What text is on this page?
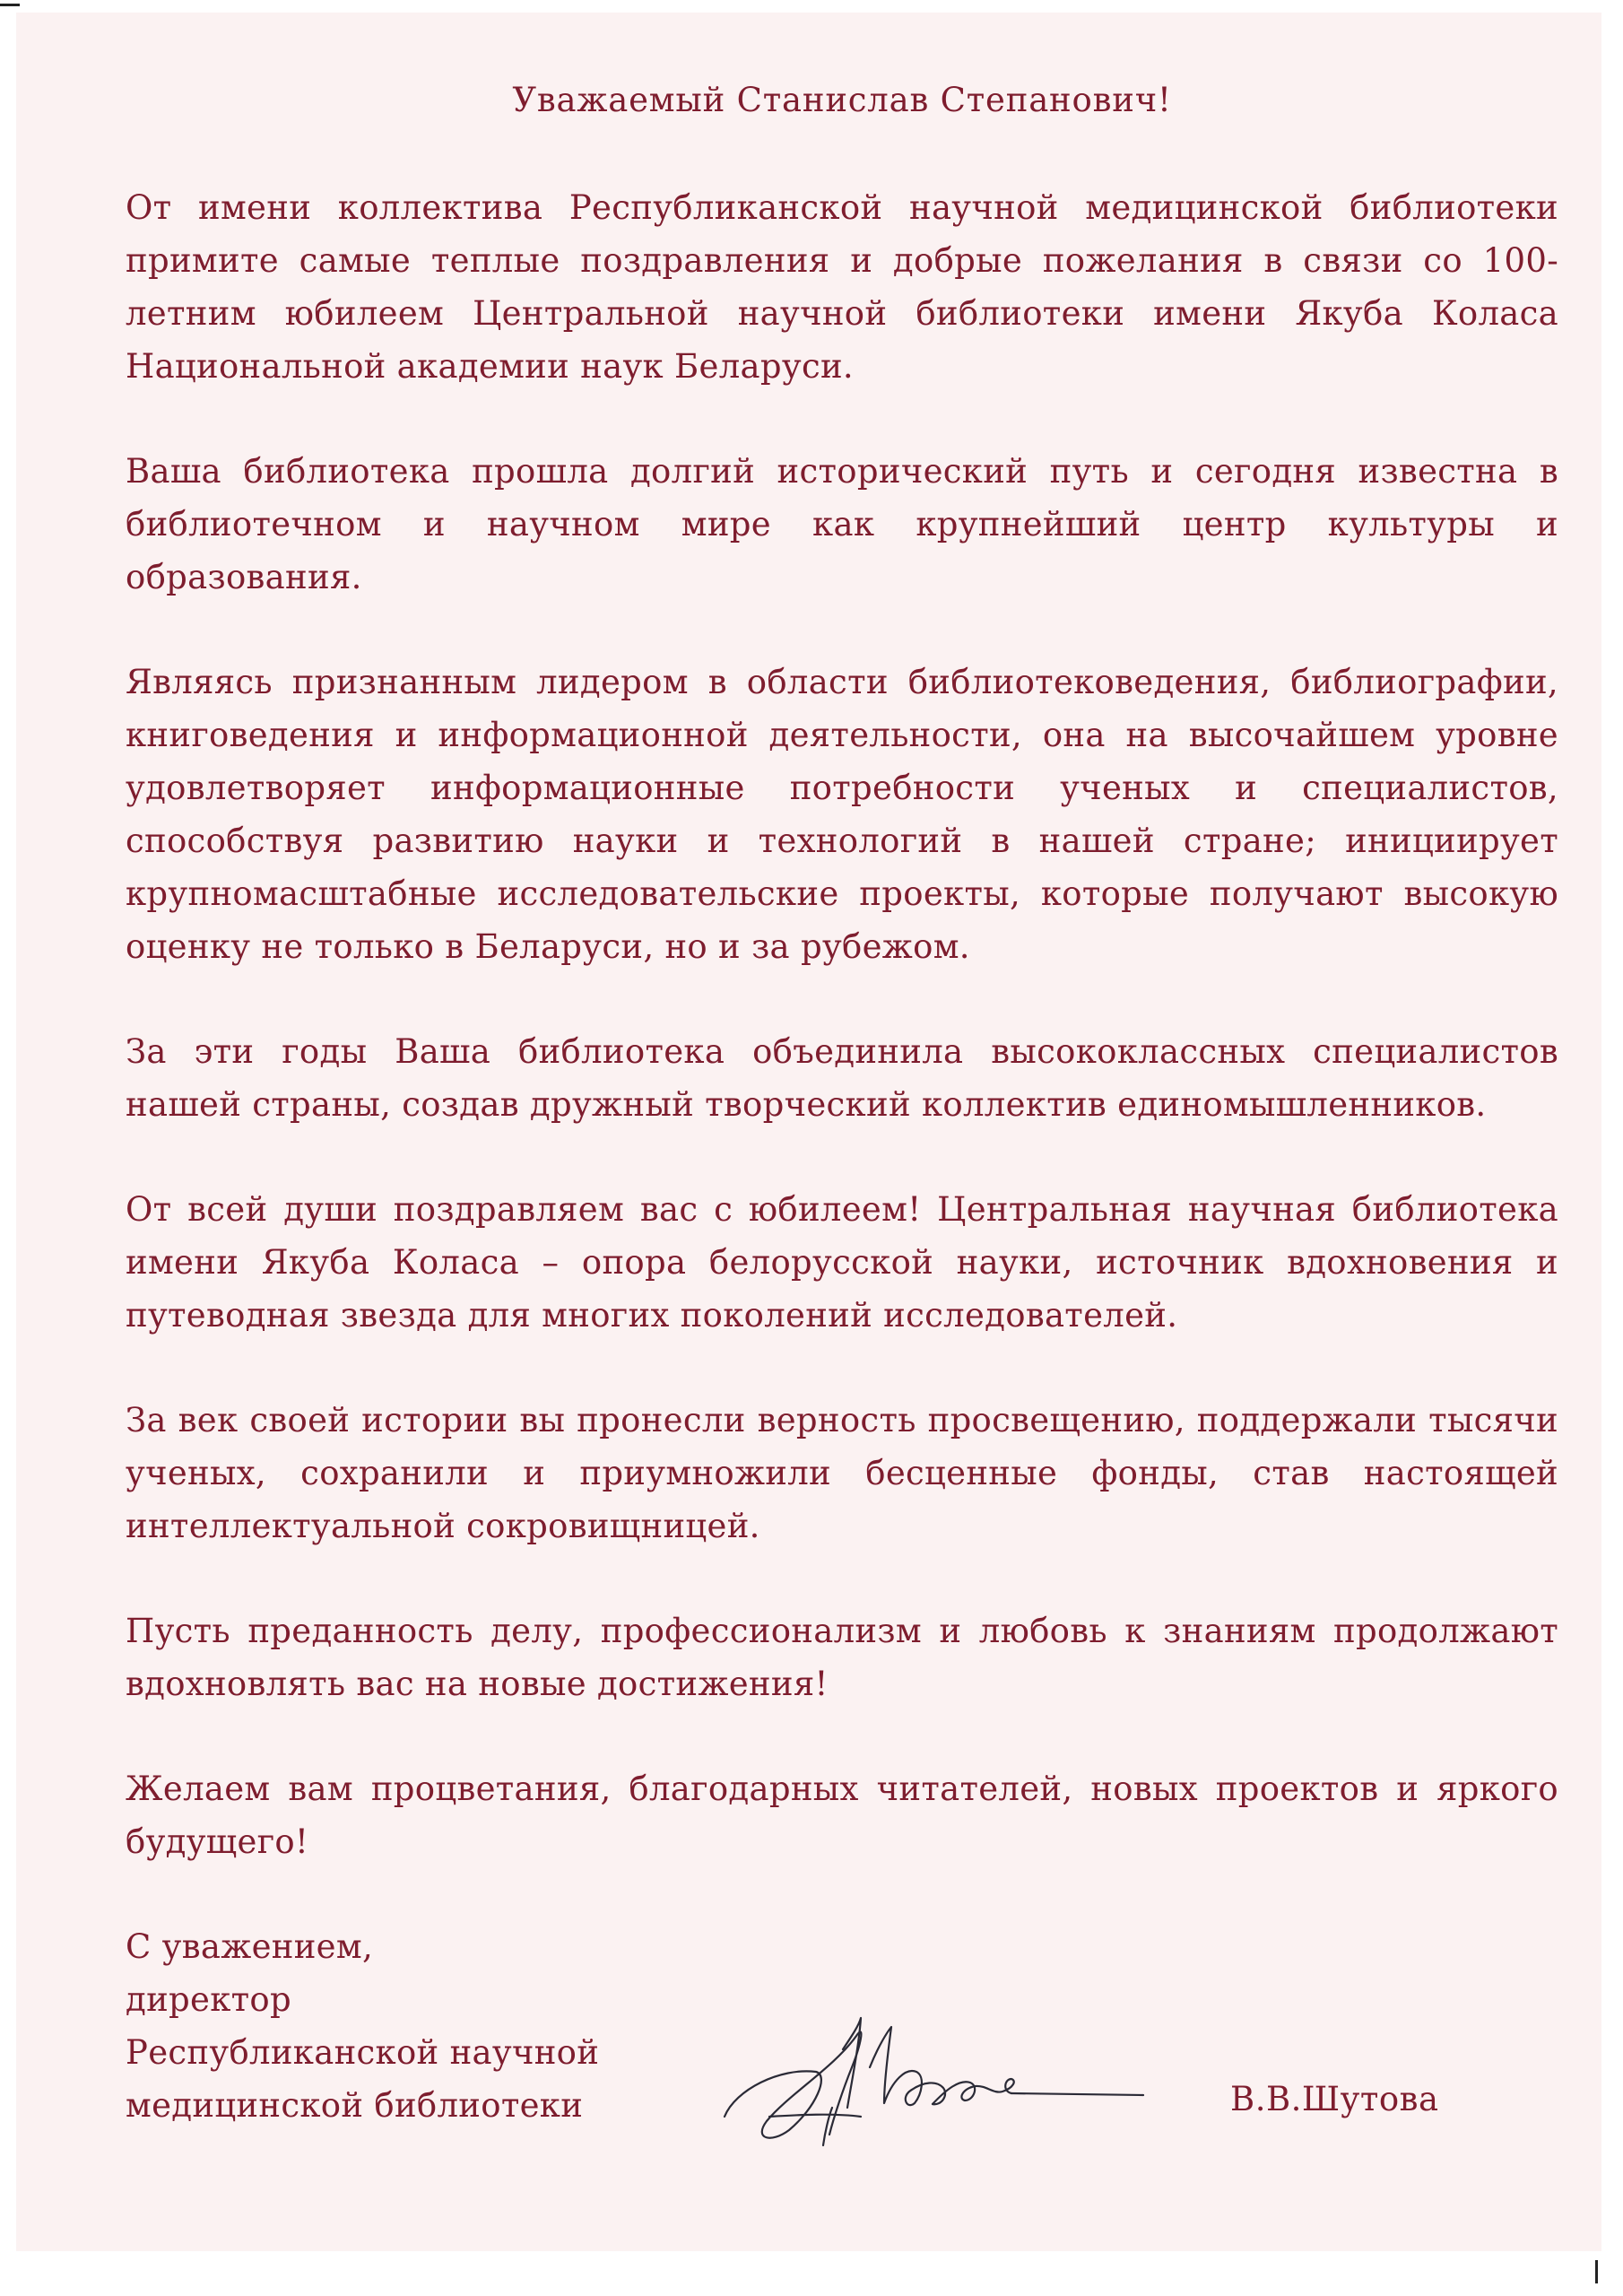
Уважаемый Станислав Степанович!

От имени коллектива Республиканской научной медицинской библиотеки примите самые теплые поздравления и добрые пожелания в связи со 100-летним юбилеем Центральной научной библиотеки имени Якуба Коласа Национальной академии наук Беларуси.

Ваша библиотека прошла долгий исторический путь и сегодня известна в библиотечном и научном мире как крупнейший центр культуры и образования.

Являясь признанным лидером в области библиотековедения, библиографии, книговедения и информационной деятельности, она на высочайшем уровне удовлетворяет информационные потребности ученых и специалистов, способствуя развитию науки и технологий в нашей стране; инициирует крупномасштабные исследовательские проекты, которые получают высокую оценку не только в Беларуси, но и за рубежом.

За эти годы Ваша библиотека объединила высококлассных специалистов нашей страны, создав дружный творческий коллектив единомышленников.

От всей души поздравляем вас с юбилеем! Центральная научная библиотека имени Якуба Коласа – опора белорусской науки, источник вдохновения и путеводная звезда для многих поколений исследователей.

За век своей истории вы пронесли верность просвещению, поддержали тысячи ученых, сохранили и приумножили бесценные фонды, став настоящей интеллектуальной сокровищницей.

Пусть преданность делу, профессионализм и любовь к знаниям продолжают вдохновлять вас на новые достижения!

Желаем вам процветания, благодарных читателей, новых проектов и яркого будущего!

С уважением,
директор
Республиканской научной
медицинской библиотеки	В.В.Шутова
